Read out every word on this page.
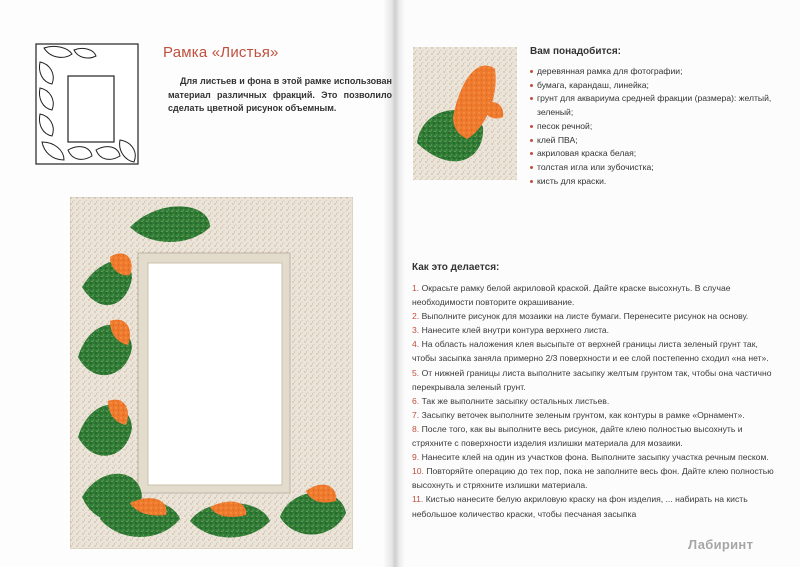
Рамка «Листья»
Для листьев и фона в этой рамке использован материал различных фракций. Это позволило сделать цветной рисунок объемным.
Вам понадобится:
деревянная рамка для фотографии;
бумага, карандаш, линейка;
грунт для аквариума средней фракции (размера): желтый, зеленый;
песок речной;
клей ПВА;
акриловая краска белая;
толстая игла или зубочистка;
кисть для краски.
Как это делается:
1. Окрасьте рамку белой акриловой краской. Дайте краске высохнуть. В случае необходимости повторите окрашивание.
2. Выполните рисунок для мозаики на листе бумаги. Перенесите рисунок на основу.
3. Нанесите клей внутри контура верхнего листа.
4. На область наложения клея высыпьте от верхней границы листа зеленый грунт так, чтобы засыпка заняла примерно 2/3 поверхности и ее слой постепенно сходил «на нет».
5. От нижней границы листа выполните засыпку желтым грунтом так, чтобы она частично перекрывала зеленый грунт.
6. Так же выполните засыпку остальных листьев.
7. Засыпку веточек выполните зеленым грунтом, как контуры в рамке «Орнамент».
8. После того, как вы выполните весь рисунок, дайте клею полностью высохнуть и стряхните с поверхности изделия излишки материала для мозаики.
9. Нанесите клей на один из участков фона. Выполните засыпку участка речным песком.
10. Повторяйте операцию до тех пор, пока не заполните весь фон. Дайте клею полностью высохнуть и стряхните излишки материала.
11. Кистью нанесите белую акриловую краску на фон изделия, ... набирать на кисть небольшое количество краски, чтобы песчаная засыпка
Лабиринт
